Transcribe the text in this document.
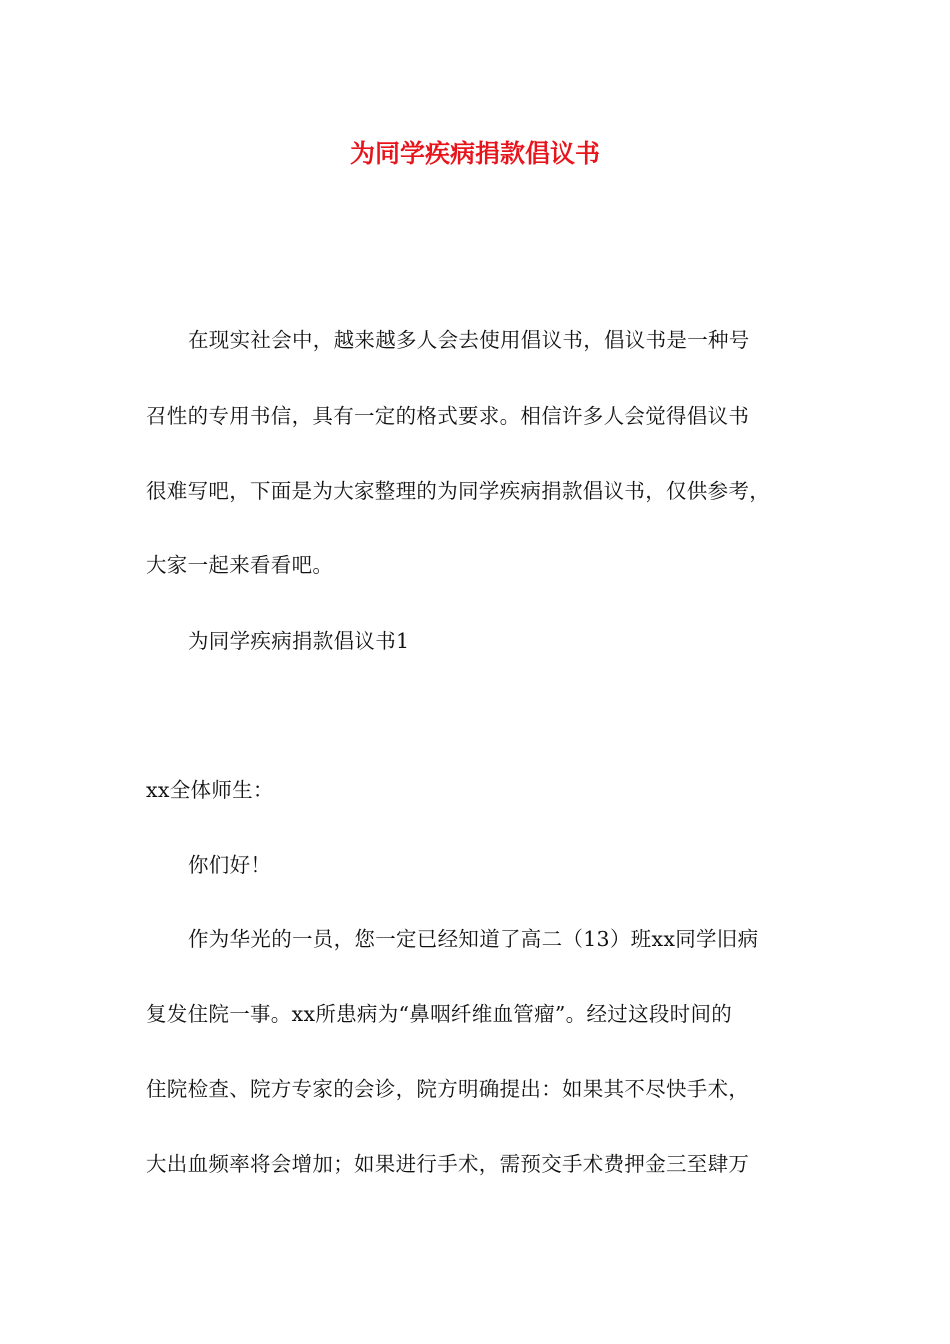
为同学疾病捐款倡议书
在现实社会中，越来越多人会去使用倡议书，倡议书是一种号
召性的专用书信，具有一定的格式要求。相信许多人会觉得倡议书
很难写吧，下面是为大家整理的为同学疾病捐款倡议书，仅供参考，
大家一起来看看吧。
为同学疾病捐款倡议书1
xx全体师生：
你们好！
作为华光的一员，您一定已经知道了高二（13）班xx同学旧病
复发住院一事。xx所患病为“鼻咽纤维血管瘤”。经过这段时间的
住院检查、院方专家的会诊，院方明确提出：如果其不尽快手术，
大出血频率将会增加；如果进行手术，需预交手术费押金三至肆万
